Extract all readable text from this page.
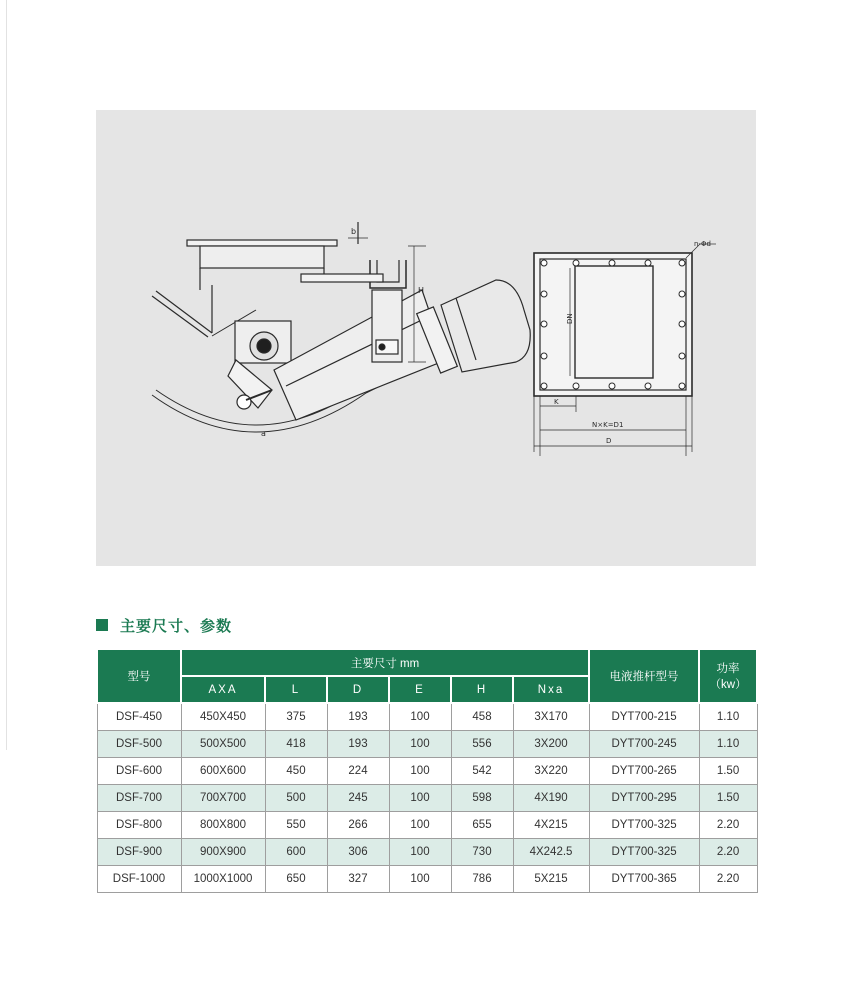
b
H
a
DN
n-Φd
K
N×K=D1
D
主要尺寸、参数
型号	主要尺寸 mm						电液推杆型号	功率
（kw）

	AXA	L	D	E	H	Nxa		
DSF-450	450X450	375	193	100	458	3X170	DYT700-215	1.10
DSF-500	500X500	418	193	100	556	3X200	DYT700-245	1.10
DSF-600	600X600	450	224	100	542	3X220	DYT700-265	1.50
DSF-700	700X700	500	245	100	598	4X190	DYT700-295	1.50
DSF-800	800X800	550	266	100	655	4X215	DYT700-325	2.20
DSF-900	900X900	600	306	100	730	4X242.5	DYT700-325	2.20
DSF-1000	1000X1000	650	327	100	786	5X215	DYT700-365	2.20
